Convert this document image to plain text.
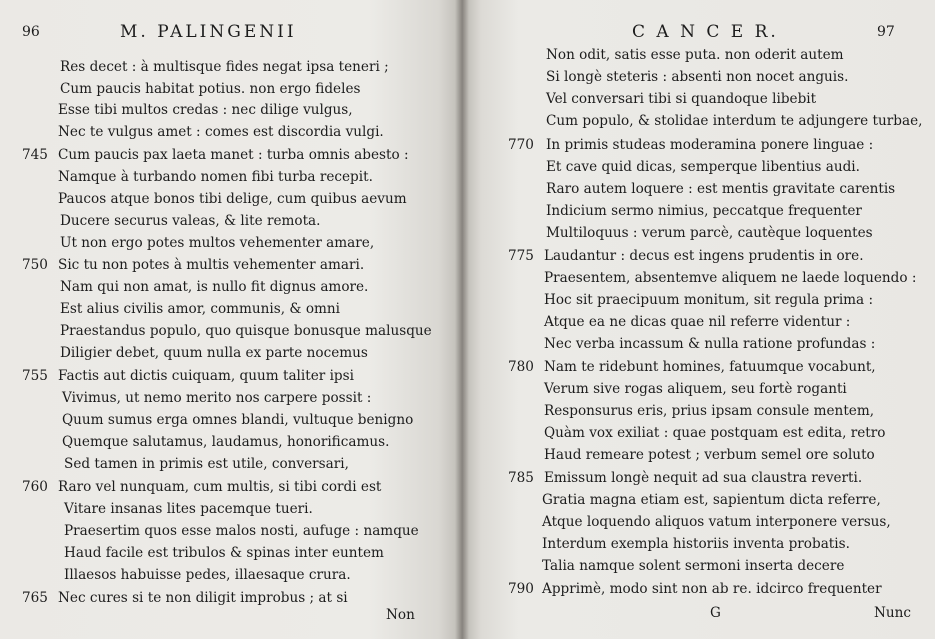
96	M. PALINGENII
Res decet : à multisque fides negat ipsa teneri ;
Cum paucis habitat potius. non ergo fideles
Esse tibi multos credas : nec dilige vulgus,
Nec te vulgus amet : comes est discordia vulgi.
745 Cum paucis pax laeta manet : turba omnis abesto :
Namque à turbando nomen fibi turba recepit.
Paucos atque bonos tibi delige, cum quibus aevum
Ducere securus valeas, & lite remota.
Ut non ergo potes multos vehementer amare,
750 Sic tu non potes à multis vehementer amari.
Nam qui non amat, is nullo fit dignus amore.
Est alius civilis amor, communis, & omni
Praestandus populo, quo quisque bonusque malusque
Diligier debet, quum nulla ex parte nocemus
755 Factis aut dictis cuiquam, quum taliter ipsi
Vivimus, ut nemo merito nos carpere possit :
Quum sumus erga omnes blandi, vultuque benigno
Quemque salutamus, laudamus, honorificamus.
Sed tamen in primis est utile, conversari,
760 Raro vel nunquam, cum multis, si tibi cordi est
Vitare insanas lites pacemque tueri.
Praesertim quos esse malos nosti, aufuge : namque
Haud facile est tribulos & spinas inter euntem
Illaesos habuisse pedes, illaesaque crura.
765 Nec cures si te non diligit improbus ; at si
Non
C A N C E R.	97
Non odit, satis esse puta. non oderit autem
Si longè steteris : absenti non nocet anguis.
Vel conversari tibi si quandoque libebit
Cum populo, & stolidae interdum te adjungere turbae,
770 In primis studeas moderamina ponere linguae :
Et cave quid dicas, semperque libentius audi.
Raro autem loquere : est mentis gravitate carentis
Indicium sermo nimius, peccatque frequenter
Multiloquus : verum parcè, cautèque loquentes
775 Laudantur : decus est ingens prudentis in ore.
Praesentem, absentemve aliquem ne laede loquendo :
Hoc sit praecipuum monitum, sit regula prima :
Atque ea ne dicas quae nil referre videntur :
Nec verba incassum & nulla ratione profundas :
780 Nam te ridebunt homines, fatuumque vocabunt,
Verum sive rogas aliquem, seu fortè roganti
Responsurus eris, prius ipsam consule mentem,
Quàm vox exiliat : quae postquam est edita, retro
Haud remeare potest ; verbum semel ore soluto
785 Emissum longè nequit ad sua claustra reverti.
Gratia magna etiam est, sapientum dicta referre,
Atque loquendo aliquos vatum interponere versus,
Interdum exempla historiis inventa probatis.
Talia namque solent sermoni inserta decere
790 Apprimè, modo sint non ab re. idcirco frequenter
G	Nunc
